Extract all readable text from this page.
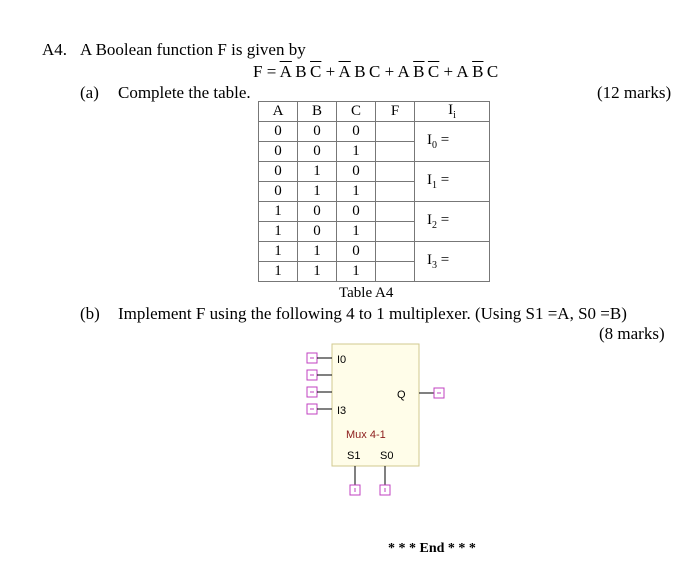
A4. A Boolean function F is given by
$F = \overline{A}$  B  $\overline{C} + \overline{A}$  B  C + A  $\overline{B}$  $\overline{C} + A$  $\overline{B}$  C
(a) Complete the table.	(12 marks)
A	B	C	F	$I_i$
0	0	0		$I_0$ =
0	0	1		
0	1	0		$I_1$ =
0	1	1		
1	0	0		$I_2$ =
1	0	1		
1	1	0		$I_3$ =
1	1	1		
Table A4
(b) Implement F using the following 4 to 1 multiplexer. (Using S1 =A, S0 =B)
(8 marks)
I0
I3
Q
Mux 4-1
S1 S0
* * * End * * *
